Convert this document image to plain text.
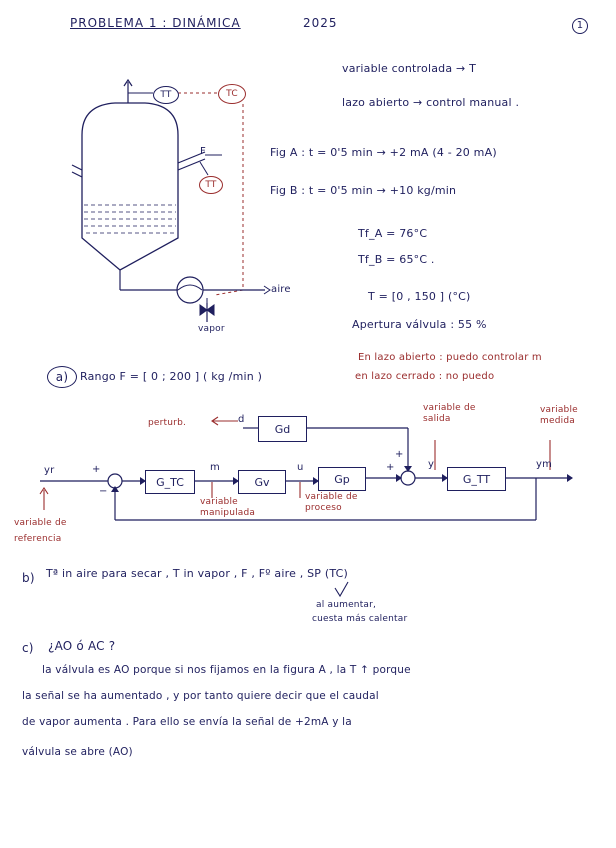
PROBLEMA 1 : DINÁMICA	2025	1
TT	TC
F
TT
aire
vapor
variable controlada → T
lazo abierto → control manual .
Fig A : t = 0'5 min → +2 mA (4 - 20 mA)
Fig B : t = 0'5 min → +10 kg/min
Tf_A = 76°C
Tf_B = 65°C .
T = [0 , 150 ] (°C)
Apertura válvula : 55 %
a)	Rango F = [ 0 ; 200 ] ( kg /min )
En lazo abierto : puedo controlar m
en lazo cerrado : no puedo
Gd
G_TC	Gv	Gp	G_TT
perturb.	d
yr	+
−
m	u	+
+
y	ym
variable de referencia
variable manipulada
variable de proceso
variable de salida
variable medida
b) Tª in aire para secar , T in vapor , F , Fº aire , SP (TC)
al aumentar,
cuesta más calentar
c) ¿AO ó AC ?
la válvula es AO porque si nos fijamos en la figura A , la T ↑ porque
la señal se ha aumentado , y por tanto quiere decir que el caudal
de vapor aumenta . Para ello se envía la señal de +2mA y la
válvula se abre (AO)
